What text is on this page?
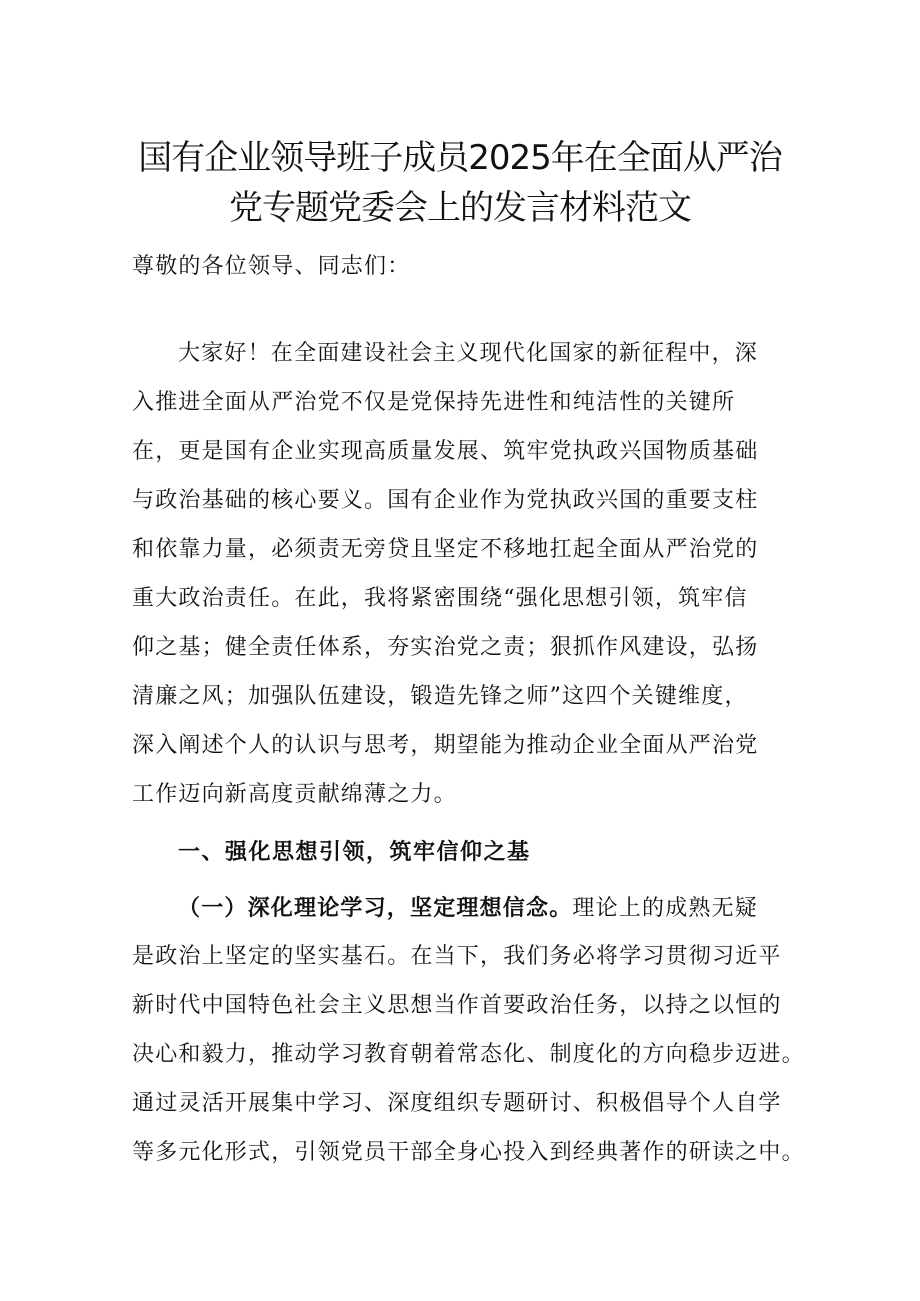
国有企业领导班子成员2025年在全面从严治
党专题党委会上的发言材料范文
尊敬的各位领导、同志们：
大家好！在全面建设社会主义现代化国家的新征程中，深
入推进全面从严治党不仅是党保持先进性和纯洁性的关键所
在，更是国有企业实现高质量发展、筑牢党执政兴国物质基础
与政治基础的核心要义。国有企业作为党执政兴国的重要支柱
和依靠力量，必须责无旁贷且坚定不移地扛起全面从严治党的
重大政治责任。在此，我将紧密围绕“强化思想引领，筑牢信
仰之基；健全责任体系，夯实治党之责；狠抓作风建设，弘扬
清廉之风；加强队伍建设，锻造先锋之师”这四个关键维度，
深入阐述个人的认识与思考，期望能为推动企业全面从严治党
工作迈向新高度贡献绵薄之力。
一、强化思想引领，筑牢信仰之基
（一）深化理论学习，坚定理想信念。理论上的成熟无疑
是政治上坚定的坚实基石。在当下，我们务必将学习贯彻习近平
新时代中国特色社会主义思想当作首要政治任务，以持之以恒的
决心和毅力，推动学习教育朝着常态化、制度化的方向稳步迈进。
通过灵活开展集中学习、深度组织专题研讨、积极倡导个人自学
等多元化形式，引领党员干部全身心投入到经典著作的研读之中。
